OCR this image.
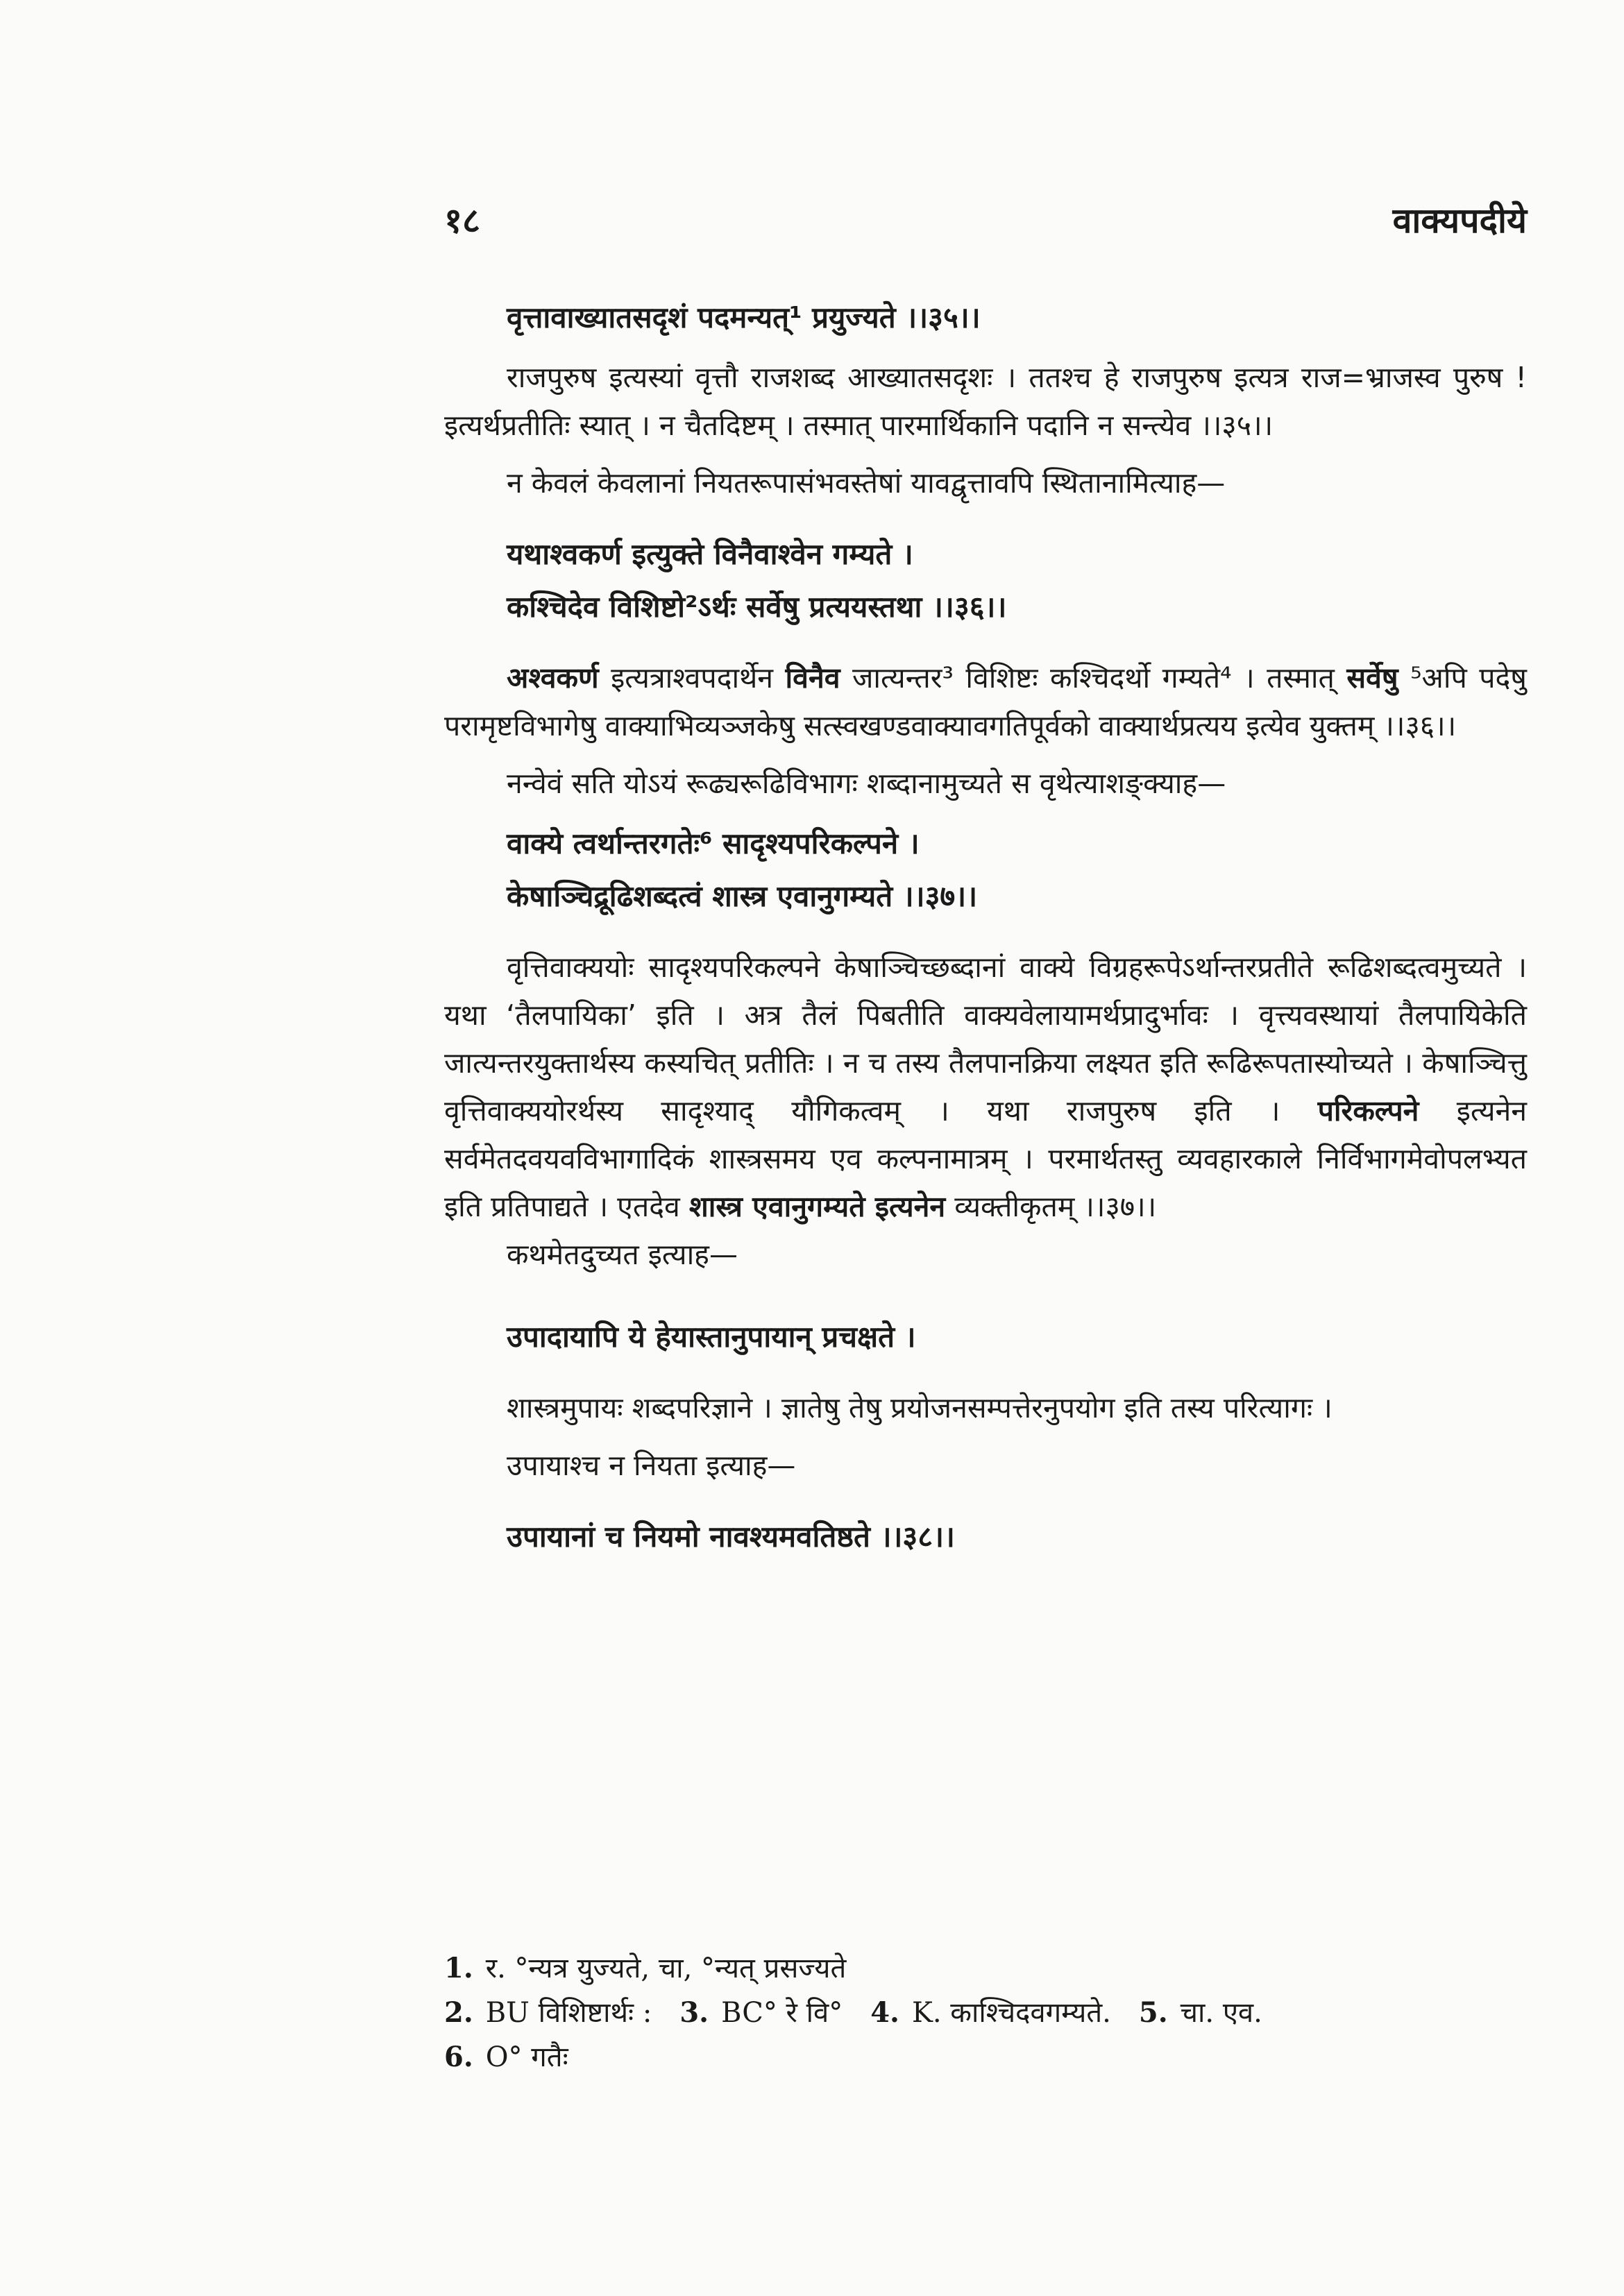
१८	वाक्यपदीये

वृत्तावाख्यातसदृशं पदमन्यत्¹ प्रयुज्यते ।।३५।।

राजपुरुष इत्यस्यां वृत्तौ राजशब्द आख्यातसदृशः । ततश्च हे राजपुरुष इत्यत्र राज=भ्राजस्व पुरुष ! इत्यर्थप्रतीतिः स्यात् । न चैतदिष्टम् । तस्मात् पारमार्थिकानि पदानि न सन्त्येव ।।३५।।

न केवलं केवलानां नियतरूपासंभवस्तेषां यावद्वृत्तावपि स्थितानामित्याह—

यथाश्वकर्ण इत्युक्ते विनैवाश्वेन गम्यते ।

कश्चिदेव विशिष्टो²ऽर्थः सर्वेषु प्रत्ययस्तथा ।।३६।।

अश्वकर्ण इत्यत्राश्वपदार्थेन विनैव जात्यन्तर³ विशिष्टः कश्चिदर्थो गम्यते⁴ । तस्मात् सर्वेषु ⁵अपि पदेषु परामृष्टविभागेषु वाक्याभिव्यञ्जकेषु सत्स्वखण्डवाक्यावगतिपूर्वको वाक्यार्थप्रत्यय इत्येव युक्तम् ।।३६।।

नन्वेवं सति योऽयं रूढ्यरूढिविभागः शब्दानामुच्यते स वृथेत्याशङ्क्याह—

वाक्ये त्वर्थान्तरगतेः⁶ सादृश्यपरिकल्पने ।

केषाञ्चिद्रूढिशब्दत्वं शास्त्र एवानुगम्यते ।।३७।।

वृत्तिवाक्ययोः सादृश्यपरिकल्पने केषाञ्चिच्छब्दानां वाक्ये विग्रहरूपेऽर्थान्तरप्रतीते रूढिशब्दत्वमुच्यते । यथा ‘तैलपायिका’ इति । अत्र तैलं पिबतीति वाक्यवेलायामर्थप्रादुर्भावः । वृत्त्यवस्थायां तैलपायिकेति जात्यन्तरयुक्तार्थस्य कस्यचित् प्रतीतिः । न च तस्य तैलपानक्रिया लक्ष्यत इति रूढिरूपतास्योच्यते । केषाञ्चित्तु वृत्तिवाक्ययोरर्थस्य सादृश्याद् यौगिकत्वम् । यथा राजपुरुष इति । परिकल्पने इत्यनेन सर्वमेतदवयवविभागादिकं शास्त्रसमय एव कल्पनामात्रम् । परमार्थतस्तु व्यवहारकाले निर्विभागमेवोपलभ्यत इति प्रतिपाद्यते । एतदेव शास्त्र एवानुगम्यते इत्यनेन व्यक्तीकृतम् ।।३७।।

कथमेतदुच्यत इत्याह—

उपादायापि ये हेयास्तानुपायान् प्रचक्षते ।

शास्त्रमुपायः शब्दपरिज्ञाने । ज्ञातेषु तेषु प्रयोजनसम्पत्तेरनुपयोग इति तस्य परित्यागः ।

उपायाश्च न नियता इत्याह—

उपायानां च नियमो नावश्यमवतिष्ठते ।।३८।।

1. र. °न्यत्र युज्यते, चा, °न्यत् प्रसज्यते

2. BU विशिष्टार्थः : 3. BC° रे वि° 4. K. काश्चिदवगम्यते. 5. चा. एव.

6. O° गतैः
